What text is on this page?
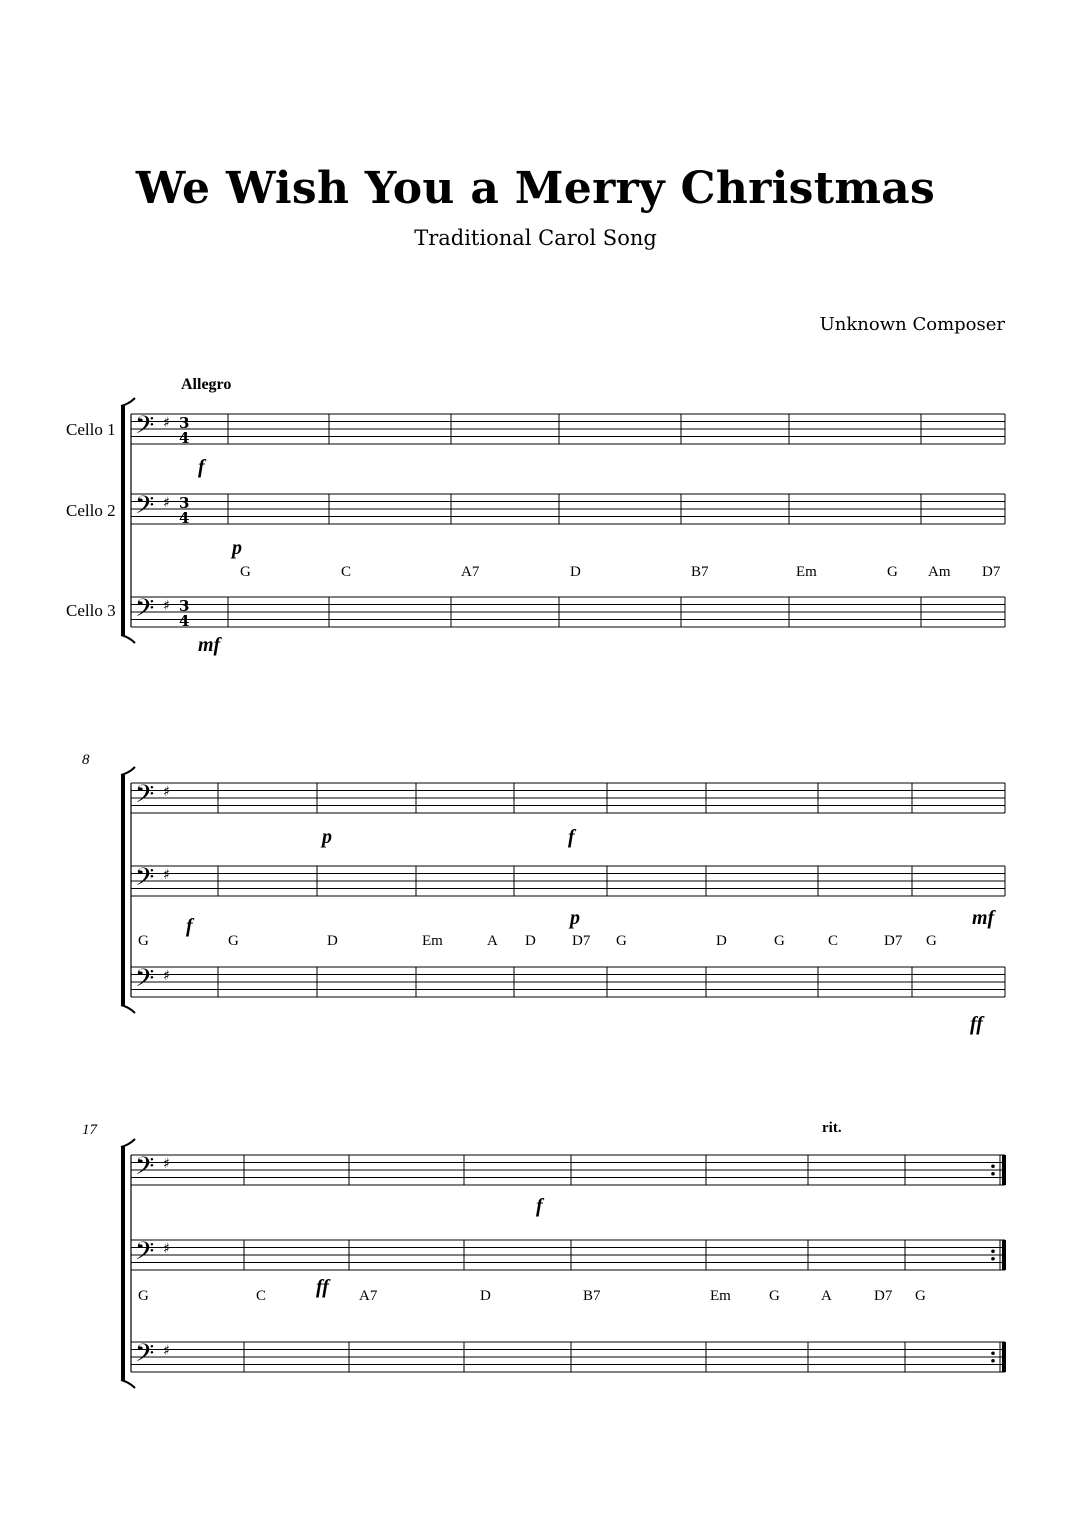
We Wish You a Merry Christmas
Traditional Carol Song
Unknown Composer
Allegro
Cello 1
Cello 2
Cello 3
8
17	rit.
G	C	A7	D	B7	Em	G Am D7
G	G	D	Em	A D D7 G	D	G	C	D7 G
G	C	A7	D	B7	Em	G	A	D7 G
f
p
mf
p	f
f	p	mf
ff
ff
f
𝄢 ♯ 3
4
𝄢 ♯ 3
4
𝄢 ♯ 3
4
𝄢 ♯
𝄢 ♯
𝄢 ♯
𝄢 ♯
𝄢 ♯
𝄢 ♯
